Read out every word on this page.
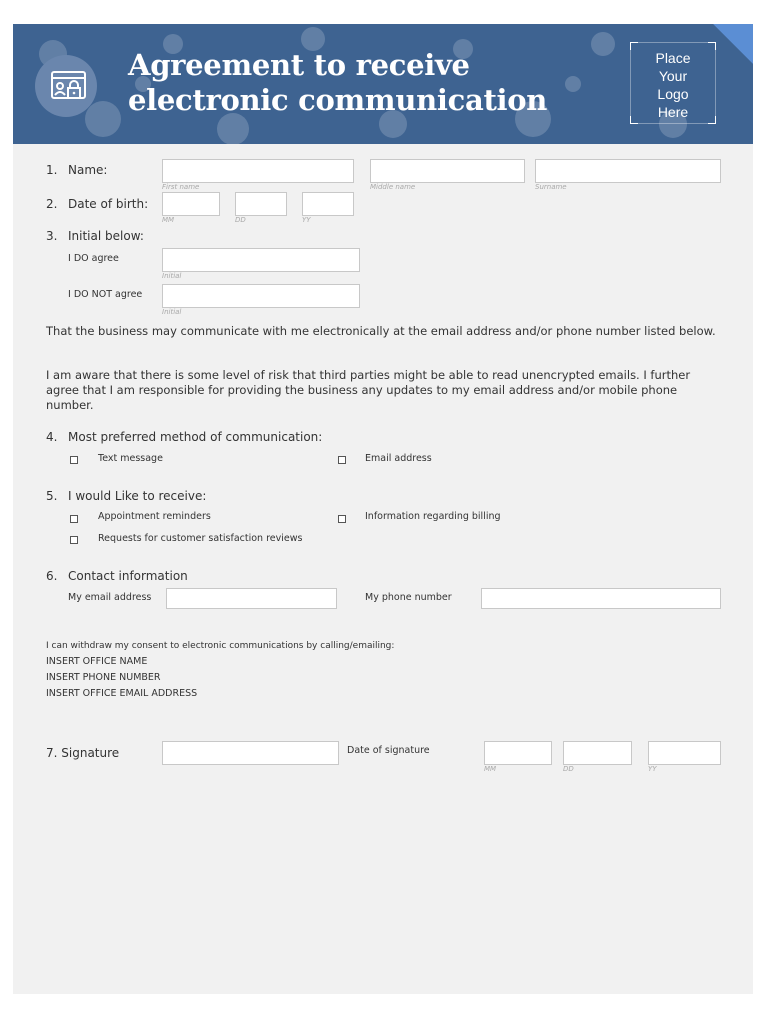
Agreement to receive
electronic communication
Place
Your
Logo
Here
1. Name:
First name	Middle name	Surname
2. Date of birth:
MM	DD	YY
3. Initial below:
I DO agree
Initial
I DO NOT agree
Initial
That the business may communicate with me electronically at the email address and/or phone number listed below.
I am aware that there is some level of risk that third parties might be able to read unencrypted emails. I further agree that I am responsible for providing the business any updates to my email address and/or mobile phone number.
4. Most preferred method of communication:
Text message	Email address
5. I would Like to receive:
Appointment reminders	Information regarding billing
Requests for customer satisfaction reviews
6. Contact information
My email address	My phone number
I can withdraw my consent to electronic communications by calling/emailing:
INSERT OFFICE NAME
INSERT PHONE NUMBER
INSERT OFFICE EMAIL ADDRESS
7. Signature	Date of signature
MM	DD	YY
